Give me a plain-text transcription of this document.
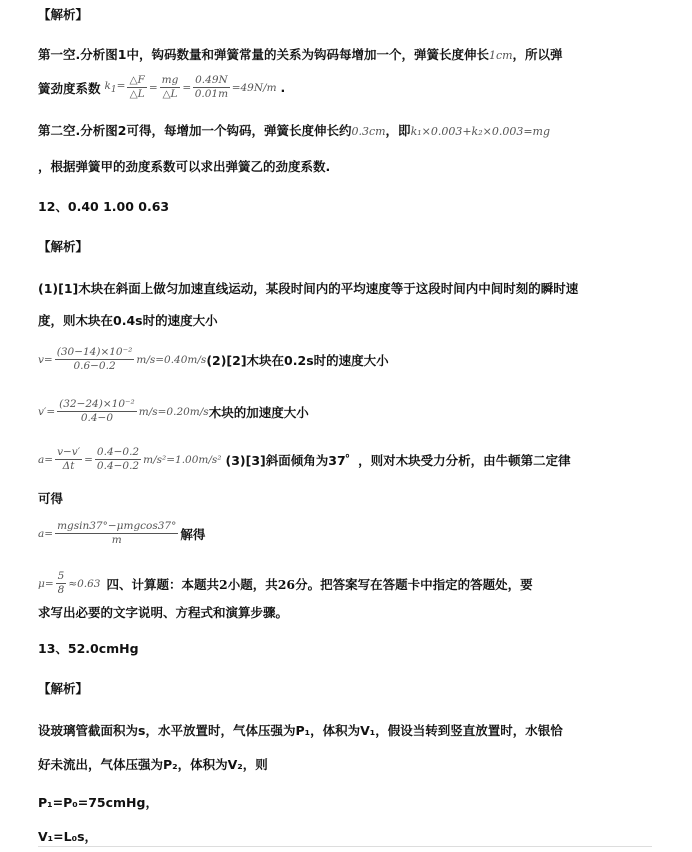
【解析】
第一空.分析图1中，钩码数量和弹簧常量的关系为钩码每增加一个，弹簧长度伸长1cm，所以弹
簧劲度系数 $k_1= \frac{\triangle F}{\triangle L} = \frac{mg}{\triangle L} = \frac{0.49N}{0.01m} =49N/m$ .
第二空.分析图2可得，每增加一个钩码，弹簧长度伸长约0.3cm，即k₁×0.003+k₂×0.003=mg
，根据弹簧甲的劲度系数可以求出弹簧乙的劲度系数.
12、0.40 1.00 0.63
【解析】
(1)[1]木块在斜面上做匀加速直线运动，某段时间内的平均速度等于这段时间内中间时刻的瞬时速
度，则木块在0.4s时的速度大小
$v= \frac{\text{(30−14)×10⁻²}}{0.6-0.2} m/s=0.40m/s$ (2)[2]木块在0.2s时的速度大小
$v'= \frac{\text{(32−24)×10⁻²}}{0.4-0} m/s=0.20m/s$ 木块的加速度大小
$a= \frac{v-v'}{\Delta t} = \frac{0.4-0.2}{0.4-0.2} m/s^2=1.00m/s^2$ (3)[3]斜面倾角为37゜，则对木块受力分析，由牛顿第二定律
可得
a=
mgsin37°−μmgcos37°
m	解得
$\mu= \frac{5}{8} \approx 0.63$ 四、计算题：本题共2小题，共26分。把答案写在答题卡中指定的答题处，要
求写出必要的文字说明、方程式和演算步骤。
13、52.0cmHg
【解析】
设玻璃管截面积为s，水平放置时，气体压强为P₁，体积为V₁，假设当转到竖直放置时，水银恰
好未流出，气体压强为P₂，体积为V₂，则
P₁=P₀=75cmHg，
V₁=L₀s，
